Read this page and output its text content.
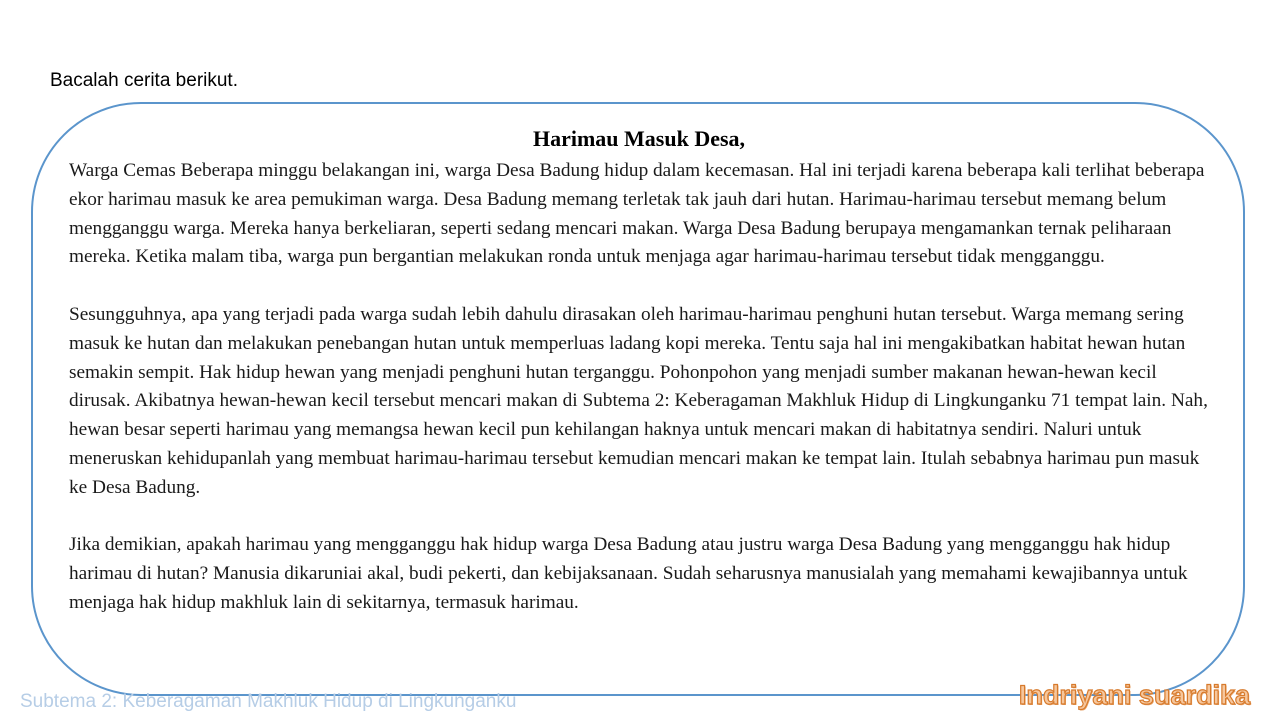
Bacalah cerita berikut.
Harimau Masuk Desa,

Warga Cemas Beberapa minggu belakangan ini, warga Desa Badung hidup dalam kecemasan. Hal ini terjadi karena beberapa kali terlihat beberapa ekor harimau masuk ke area pemukiman warga. Desa Badung memang terletak tak jauh dari hutan. Harimau-harimau tersebut memang belum mengganggu warga. Mereka hanya berkeliaran, seperti sedang mencari makan. Warga Desa Badung berupaya mengamankan ternak peliharaan mereka. Ketika malam tiba, warga pun bergantian melakukan ronda untuk menjaga agar harimau-harimau tersebut tidak mengganggu.

Sesungguhnya, apa yang terjadi pada warga sudah lebih dahulu dirasakan oleh harimau-harimau penghuni hutan tersebut. Warga memang sering masuk ke hutan dan melakukan penebangan hutan untuk memperluas ladang kopi mereka. Tentu saja hal ini mengakibatkan habitat hewan hutan semakin sempit. Hak hidup hewan yang menjadi penghuni hutan terganggu. Pohonpohon yang menjadi sumber makanan hewan-hewan kecil dirusak. Akibatnya hewan-hewan kecil tersebut mencari makan di Subtema 2: Keberagaman Makhluk Hidup di Lingkunganku 71 tempat lain. Nah, hewan besar seperti harimau yang memangsa hewan kecil pun kehilangan haknya untuk mencari makan di habitatnya sendiri. Naluri untuk meneruskan kehidupanlah yang membuat harimau-harimau tersebut kemudian mencari makan ke tempat lain. Itulah sebabnya harimau pun masuk ke Desa Badung.

Jika demikian, apakah harimau yang mengganggu hak hidup warga Desa Badung atau justru warga Desa Badung yang mengganggu hak hidup harimau di hutan? Manusia dikaruniai akal, budi pekerti, dan kebijaksanaan. Sudah seharusnya manusialah yang memahami kewajibannya untuk menjaga hak hidup makhluk lain di sekitarnya, termasuk harimau.

Subtema 2: Keberagaman Makhluk Hidup di Lingkunganku	Indriyani suardika
